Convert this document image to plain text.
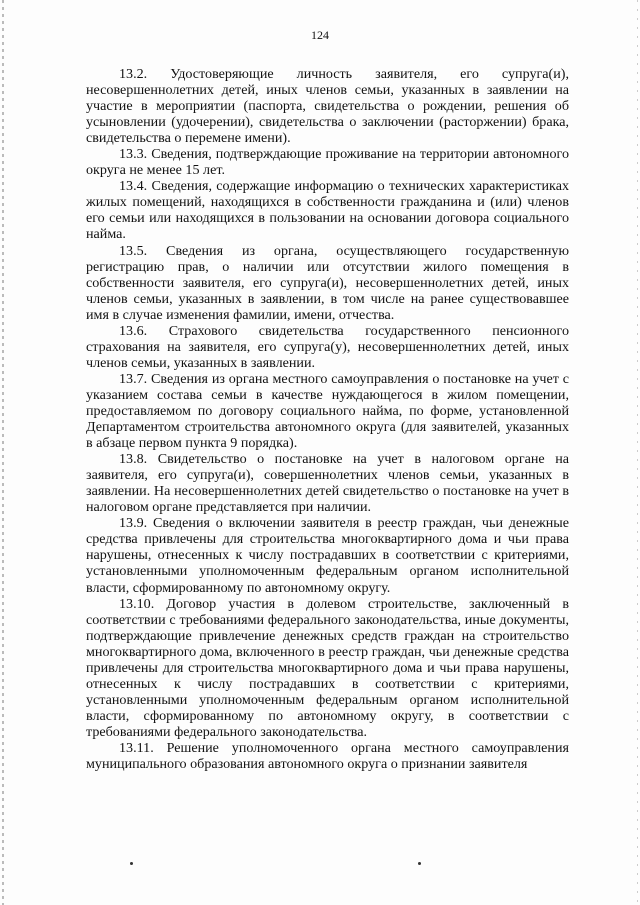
124

13.2. Удостоверяющие личность заявителя, его супруга(и), несовершеннолетних детей, иных членов семьи, указанных в заявлении на участие в мероприятии (паспорта, свидетельства о рождении, решения об усыновлении (удочерении), свидетельства о заключении (расторжении) брака, свидетельства о перемене имени).

13.3. Сведения, подтверждающие проживание на территории автономного округа не менее 15 лет.

13.4. Сведения, содержащие информацию о технических характеристиках жилых помещений, находящихся в собственности гражданина и (или) членов его семьи или находящихся в пользовании на основании договора социального найма.

13.5. Сведения из органа, осуществляющего государственную регистрацию прав, о наличии или отсутствии жилого помещения в собственности заявителя, его супруга(и), несовершеннолетних детей, иных членов семьи, указанных в заявлении, в том числе на ранее существовавшее имя в случае изменения фамилии, имени, отчества.

13.6. Страхового свидетельства государственного пенсионного страхования на заявителя, его супруга(у), несовершеннолетних детей, иных членов семьи, указанных в заявлении.

13.7. Сведения из органа местного самоуправления о постановке на учет с указанием состава семьи в качестве нуждающегося в жилом помещении, предоставляемом по договору социального найма, по форме, установленной Департаментом строительства автономного округа (для заявителей, указанных в абзаце первом пункта 9 порядка).

13.8. Свидетельство о постановке на учет в налоговом органе на заявителя, его супруга(и), совершеннолетних членов семьи, указанных в заявлении. На несовершеннолетних детей свидетельство о постановке на учет в налоговом органе представляется при наличии.

13.9. Сведения о включении заявителя в реестр граждан, чьи денежные средства привлечены для строительства многоквартирного дома и чьи права нарушены, отнесенных к числу пострадавших в соответствии с критериями, установленными уполномоченным федеральным органом исполнительной власти, сформированному по автономному округу.

13.10. Договор участия в долевом строительстве, заключенный в соответствии с требованиями федерального законодательства, иные документы, подтверждающие привлечение денежных средств граждан на строительство многоквартирного дома, включенного в реестр граждан, чьи денежные средства привлечены для строительства многоквартирного дома и чьи права нарушены, отнесенных к числу пострадавших в соответствии с критериями, установленными уполномоченным федеральным органом исполнительной власти, сформированному по автономному округу, в соответствии с требованиями федерального законодательства.

13.11. Решение уполномоченного органа местного самоуправления муниципального образования автономного округа о признании заявителя
